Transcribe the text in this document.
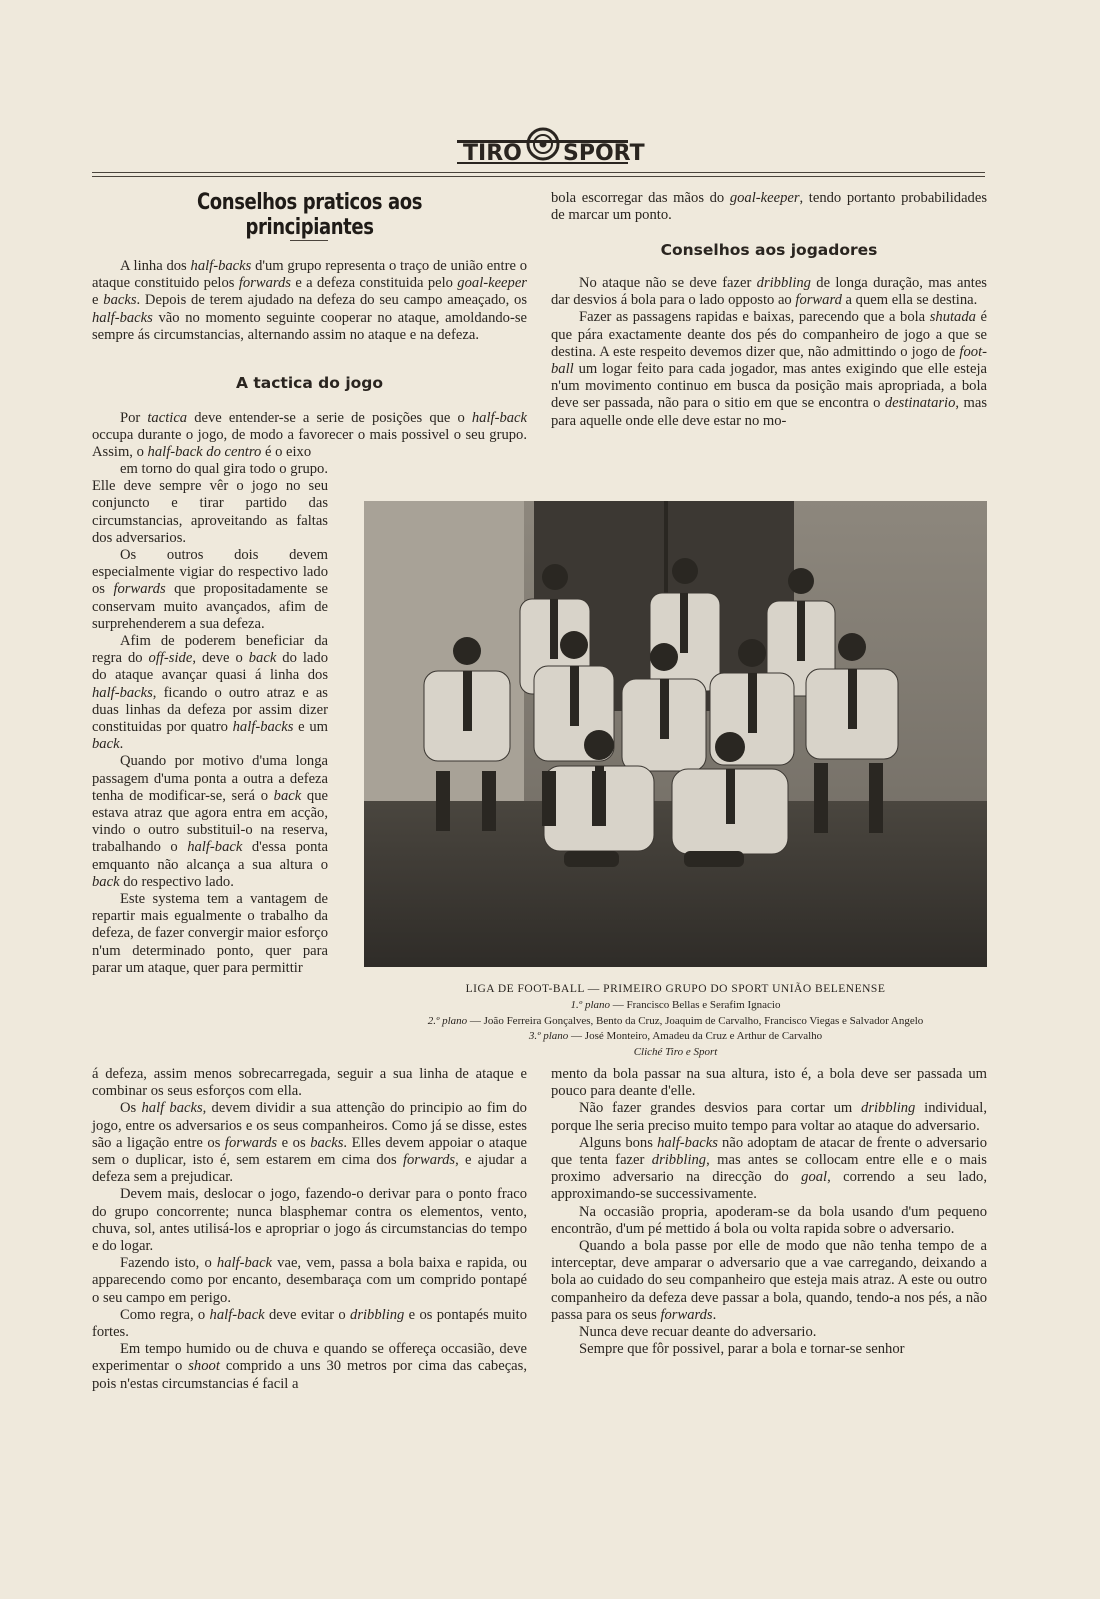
TIRO SPORT
Conselhos praticos aos principiantes

A linha dos half-backs d'um grupo representa o traço de união entre o ataque constituido pelos forwards e a defeza constituida pelo goal-keeper e backs. Depois de terem ajudado na defeza do seu campo ameaçado, os half-backs vão no momento seguinte cooperar no ataque, amoldando-se sempre ás circumstancias, alternando assim no ataque e na defeza.

A tactica do jogo

Por tactica deve entender-se a serie de posições que o half-back occupa durante o jogo, de modo a favorecer o mais possivel o seu grupo. Assim, o half-back do centro é o eixo

em torno do qual gira todo o grupo. Elle deve sempre vêr o jogo no seu conjuncto e tirar partido das circumstancias, aproveitando as faltas dos adversarios.

Os outros dois devem especialmente vigiar do respectivo lado os forwards que propositadamente se conservam muito avançados, afim de surprehenderem a sua defeza.

Afim de poderem beneficiar da regra do off-side, deve o back do lado do ataque avançar quasi á linha dos half-backs, ficando o outro atraz e as duas linhas da defeza por assim dizer constituidas por quatro half-backs e um back.

Quando por motivo d'uma longa passagem d'uma ponta a outra a defeza tenha de modificar-se, será o back que estava atraz que agora entra em acção, vindo o outro substituil-o na reserva, trabalhando o half-back d'essa ponta emquanto não alcança a sua altura o back do respectivo lado.

Este systema tem a vantagem de repartir mais egualmente o trabalho da defeza, de fazer convergir maior esforço n'um determinado ponto, quer para parar um ataque, quer para permittir

á defeza, assim menos sobrecarregada, seguir a sua linha de ataque e combinar os seus esforços com ella.

Os half backs, devem dividir a sua attenção do principio ao fim do jogo, entre os adversarios e os seus companheiros. Como já se disse, estes são a ligação entre os forwards e os backs. Elles devem appoiar o ataque sem o duplicar, isto é, sem estarem em cima dos forwards, e ajudar a defeza sem a prejudicar.

Devem mais, deslocar o jogo, fazendo-o derivar para o ponto fraco do grupo concorrente; nunca blasphemar contra os elementos, vento, chuva, sol, antes utilisá-los e apropriar o jogo ás circumstancias do tempo e do logar.

Fazendo isto, o half-back vae, vem, passa a bola baixa e rapida, ou apparecendo como por encanto, desembaraça com um comprido pontapé o seu campo em perigo.

Como regra, o half-back deve evitar o dribbling e os pontapés muito fortes.

Em tempo humido ou de chuva e quando se offereça occasião, deve experimentar o shoot comprido a uns 30 metros por cima das cabeças, pois n'estas circumstancias é facil a

bola escorregar das mãos do goal-keeper, tendo portanto probabilidades de marcar um ponto.

Conselhos aos jogadores

No ataque não se deve fazer dribbling de longa duração, mas antes dar desvios á bola para o lado opposto ao forward a quem ella se destina.

Fazer as passagens rapidas e baixas, parecendo que a bola shutada é que pára exactamente deante dos pés do companheiro de jogo a que se destina. A este respeito devemos dizer que, não admittindo o jogo de foot-ball um logar feito para cada jogador, mas antes exigindo que elle esteja n'um movimento continuo em busca da posição mais apropriada, a bola deve ser passada, não para o sitio em que se encontra o destinatario, mas para aquelle onde elle deve estar no mo-

mento da bola passar na sua altura, isto é, a bola deve ser passada um pouco para deante d'elle.

Não fazer grandes desvios para cortar um dribbling individual, porque lhe seria preciso muito tempo para voltar ao ataque do adversario.

Alguns bons half-backs não adoptam de atacar de frente o adversario que tenta fazer dribbling, mas antes se collocam entre elle e o mais proximo adversario na direcção do goal, correndo a seu lado, approximando-se successivamente.

Na occasião propria, apoderam-se da bola usando d'um pequeno encontrão, d'um pé mettido á bola ou volta rapida sobre o adversario.

Quando a bola passe por elle de modo que não tenha tempo de a interceptar, deve amparar o adversario que a vae carregando, deixando a bola ao cuidado do seu companheiro que esteja mais atraz. A este ou outro companheiro da defeza deve passar a bola, quando, tendo-a nos pés, a não passa para os seus forwards.

Nunca deve recuar deante do adversario.

Sempre que fôr possivel, parar a bola e tornar-se senhor

LIGA DE FOOT-BALL — PRIMEIRO GRUPO DO SPORT UNIÃO BELENENSE
1.º plano — Francisco Bellas e Serafim Ignacio
2.º plano — João Ferreira Gonçalves, Bento da Cruz, Joaquim de Carvalho, Francisco Viegas e Salvador Angelo
3.º plano — José Monteiro, Amadeu da Cruz e Arthur de Carvalho
Cliché Tiro e Sport
